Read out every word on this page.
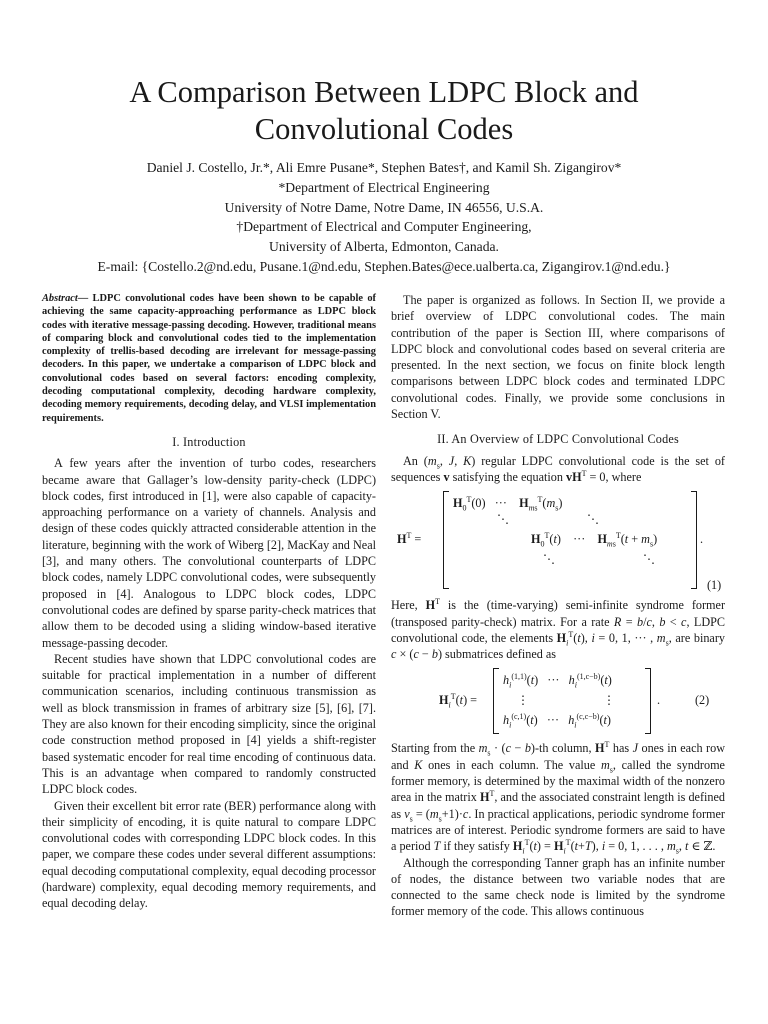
A Comparison Between LDPC Block and
Convolutional Codes
Daniel J. Costello, Jr.*, Ali Emre Pusane*, Stephen Bates†, and Kamil Sh. Zigangirov*
*Department of Electrical Engineering
University of Notre Dame, Notre Dame, IN 46556, U.S.A.
†Department of Electrical and Computer Engineering,
University of Alberta, Edmonton, Canada.
E-mail: {Costello.2@nd.edu, Pusane.1@nd.edu, Stephen.Bates@ece.ualberta.ca, Zigangirov.1@nd.edu.}
Abstract— LDPC convolutional codes have been shown to be capable of achieving the same capacity-approaching performance as LDPC block codes with iterative message-passing decoding. However, traditional means of comparing block and convolutional codes tied to the implementation complexity of trellis-based decoding are irrelevant for message-passing decoders. In this paper, we undertake a comparison of LDPC block and convolutional codes based on several factors: encoding complexity, decoding computational complexity, decoding hardware complexity, decoding memory requirements, decoding delay, and VLSI implementation requirements.
I. Introduction

A few years after the invention of turbo codes, researchers became aware that Gallager’s low-density parity-check (LDPC) block codes, first introduced in [1], were also capable of capacity-approaching performance on a variety of channels. Analysis and design of these codes quickly attracted considerable attention in the literature, beginning with the work of Wiberg [2], MacKay and Neal [3], and many others. The convolutional counterparts of LDPC block codes, namely LDPC convolutional codes, were subsequently proposed in [4]. Analogous to LDPC block codes, LDPC convolutional codes are defined by sparse parity-check matrices that allow them to be decoded using a sliding window-based iterative message-passing decoder.

Recent studies have shown that LDPC convolutional codes are suitable for practical implementation in a number of different communication scenarios, including continuous transmission as well as block transmission in frames of arbitrary size [5], [6], [7]. They are also known for their encoding simplicity, since the original code construction method proposed in [4] yields a shift-register based systematic encoder for real time encoding of continuous data. This is an advantage when compared to randomly constructed LDPC block codes.

Given their excellent bit error rate (BER) performance along with their simplicity of encoding, it is quite natural to compare LDPC convolutional codes with corresponding LDPC block codes. In this paper, we compare these codes under several different assumptions: equal decoding computational complexity, equal decoding processor (hardware) complexity, equal decoding memory requirements, and equal decoding delay.

The paper is organized as follows. In Section II, we provide a brief overview of LDPC convolutional codes. The main contribution of the paper is Section III, where comparisons of LDPC block and convolutional codes based on several criteria are presented. In the next section, we focus on finite block length comparisons between LDPC block codes and terminated LDPC convolutional codes. Finally, we provide some conclusions in Section V.

II. An Overview of LDPC Convolutional Codes

An ($m_s$, J, K) regular LDPC convolutional code is the set of sequences v satisfying the equation $vH^T = 0$, where

$H^T$ =
$H_0^T(0)$   ···    $H_{ms}^T(m_s)$
⋱	⋱
$H_0^T(t)$    ···    $H_{ms}^T(t + m_s)$
⋱	⋱
.
(1)

Here, $H^T$ is the (time-varying) semi-infinite syndrome former (transposed parity-check) matrix. For a rate R = b/c, b < c, LDPC convolutional code, the elements $H_i^T(t)$, i = 0, 1, ··· , $m_s$, are binary c × (c − b) submatrices defined as

$H_i^T(t)$ =
$h_i^{(1,1)}(t)$   ···   $h_i^{(1,c-b)}(t)$
⋮	⋮
$h_i^{(c,1)}(t)$   ···   $h_i^{(c,c-b)}(t)$
.	(2)

Starting from the $m_s \cdot (c - b)-th$ column, $H^T$ has J ones in each row and K ones in each column. The value $m_s$, called the syndrome former memory, is determined by the maximal width of the nonzero area in the matrix $H^T$, and the associated constraint length is defined as $\nu_s = (m_s+1)\cdot c$. In practical applications, periodic syndrome former matrices are of interest. Periodic syndrome formers are said to have a period T if they satisfy $H_i^T(t) = H_i^T(t+T)$, i = 0, 1, . . . , $m_s$, t ∈ ℤ.

Although the corresponding Tanner graph has an infinite number of nodes, the distance between two variable nodes that are connected to the same check node is limited by the syndrome former memory of the code. This allows continuous
